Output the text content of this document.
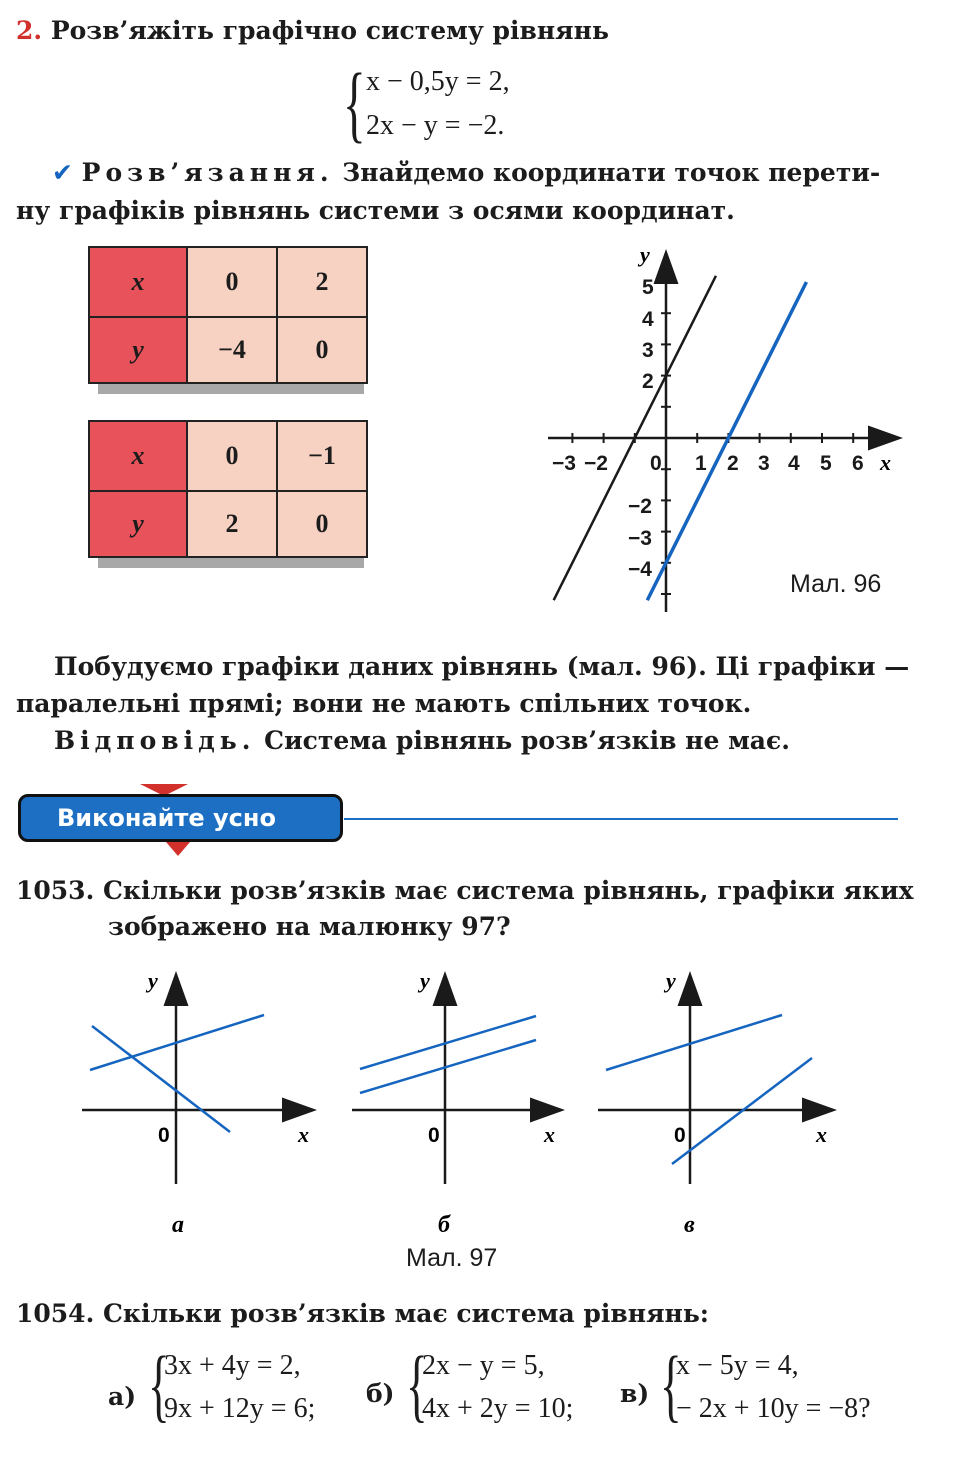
2. Розв’яжіть графічно систему рівнянь
{ x − 0,5y = 2,
2x − y = −2.
✔ Розв’язання. Знайдемо координати точок перети-
ну графіків рівнянь системи з осями координат.
x	0	2
y	−4	0
x	0	−1
y	2	0
y
x
−3 −2 0 1 2 3 4 5 6
5
4
3
2
−2
−3
−4
Мал. 96
Побудуємо графіки даних рівнянь (мал. 96). Ці графіки —
паралельні прямі; вони не мають спільних точок.
Відповідь. Система рівнянь розв’язків не має.
Виконайте усно
1053. Скільки розв’язків має система рівнянь, графіки яких
зображено на малюнку 97?
y
x
0
а
y
x
0
б
y
x
0
в
Мал. 97
1054. Скільки розв’язків має система рівнянь:
а) {
3x + 4y = 2,
9x + 12y = 6; б) {
2x − y = 5,
4x + 2y = 10; в) {
x − 5y = 4,
− 2x + 10y = −8?
